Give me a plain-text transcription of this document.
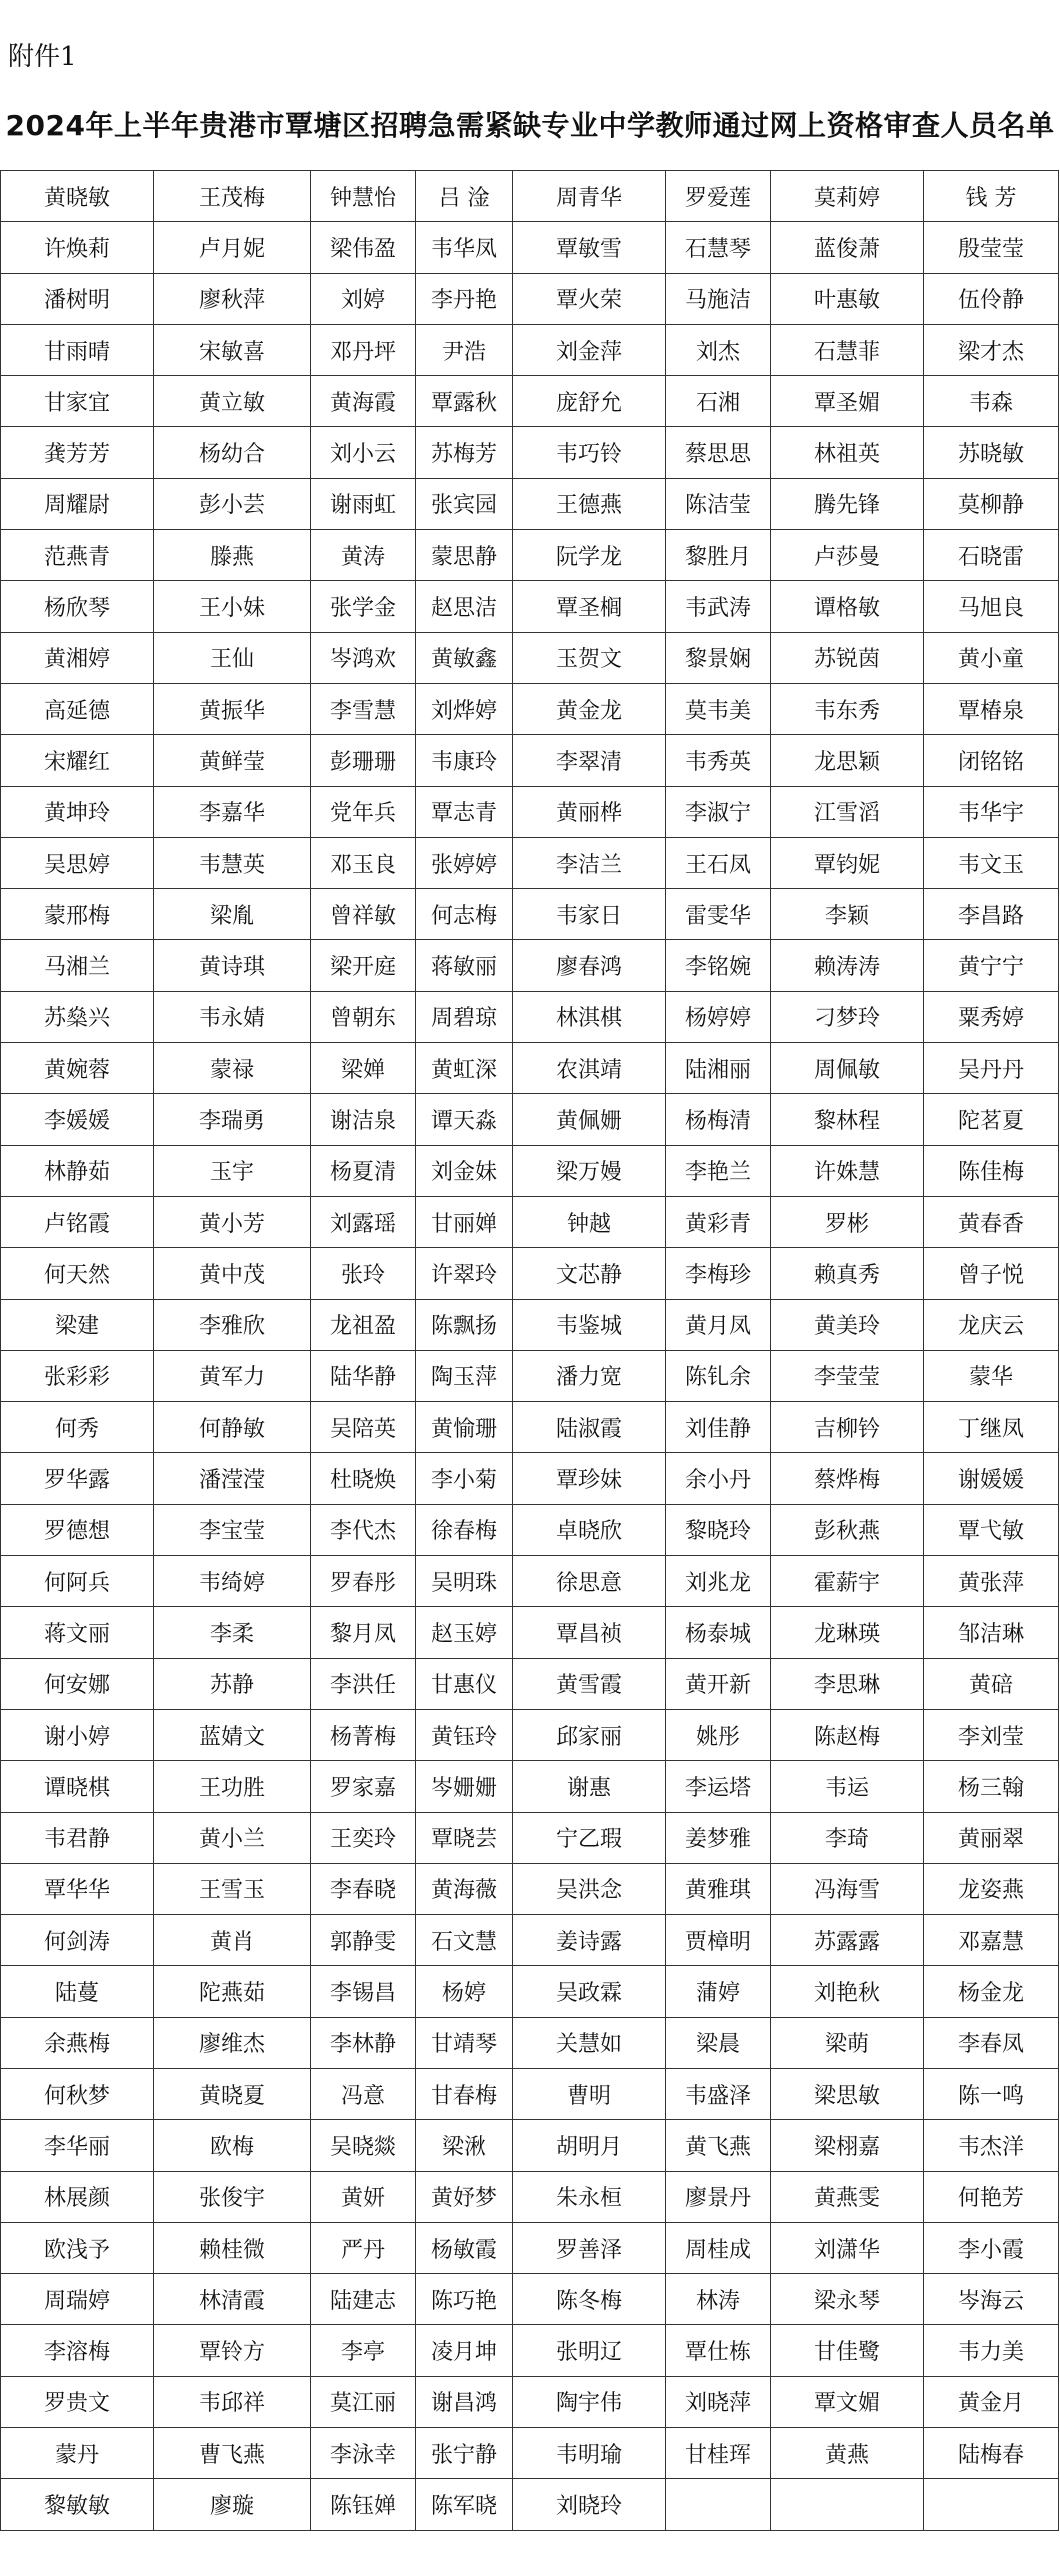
附件1
2024年上半年贵港市覃塘区招聘急需紧缺专业中学教师通过网上资格审查人员名单
黄晓敏	王茂梅	钟慧怡	吕 淦	周青华	罗爱莲	莫莉婷	钱 芳
许焕莉	卢月妮	梁伟盈	韦华凤	覃敏雪	石慧琴	蓝俊萧	殷莹莹
潘树明	廖秋萍	刘婷	李丹艳	覃火荣	马施洁	叶惠敏	伍伶静
甘雨晴	宋敏喜	邓丹坪	尹浩	刘金萍	刘杰	石慧菲	梁才杰
甘家宜	黄立敏	黄海霞	覃露秋	庞舒允	石湘	覃圣媚	韦森
龚芳芳	杨幼合	刘小云	苏梅芳	韦巧铃	蔡思思	林祖英	苏晓敏
周耀尉	彭小芸	谢雨虹	张宾园	王德燕	陈洁莹	腾先锋	莫柳静
范燕青	滕燕	黄涛	蒙思静	阮学龙	黎胜月	卢莎曼	石晓雷
杨欣琴	王小妹	张学金	赵思洁	覃圣榈	韦武涛	谭格敏	马旭良
黄湘婷	王仙	岑鸿欢	黄敏鑫	玉贺文	黎景娴	苏锐茵	黄小童
高延德	黄振华	李雪慧	刘烨婷	黄金龙	莫韦美	韦东秀	覃椿泉
宋耀红	黄鲜莹	彭珊珊	韦康玲	李翠清	韦秀英	龙思颖	闭铭铭
黄坤玲	李嘉华	党年兵	覃志青	黄丽桦	李淑宁	江雪滔	韦华宇
吴思婷	韦慧英	邓玉良	张婷婷	李洁兰	王石凤	覃钧妮	韦文玉
蒙邢梅	梁胤	曾祥敏	何志梅	韦家日	雷雯华	李颖	李昌路
马湘兰	黄诗琪	梁开庭	蒋敏丽	廖春鸿	李铭婉	赖涛涛	黄宁宁
苏燊兴	韦永婧	曾朝东	周碧琼	林淇棋	杨婷婷	刁梦玲	粟秀婷
黄婉蓉	蒙禄	梁婵	黄虹深	农淇靖	陆湘丽	周佩敏	吴丹丹
李媛媛	李瑞勇	谢洁泉	谭天淼	黄佩姗	杨梅清	黎林程	陀茗夏
林静茹	玉宇	杨夏清	刘金妹	梁万嫚	李艳兰	许姝慧	陈佳梅
卢铭霞	黄小芳	刘露瑶	甘丽婵	钟越	黄彩青	罗彬	黄春香
何天然	黄中茂	张玲	许翠玲	文芯静	李梅珍	赖真秀	曾子悦
梁建	李雅欣	龙祖盈	陈飘扬	韦鉴城	黄月凤	黄美玲	龙庆云
张彩彩	黄军力	陆华静	陶玉萍	潘力宽	陈钆余	李莹莹	蒙华
何秀	何静敏	吴陪英	黄愉珊	陆淑霞	刘佳静	吉柳钤	丁继凤
罗华露	潘滢滢	杜晓焕	李小菊	覃珍妹	余小丹	蔡烨梅	谢媛媛
罗德想	李宝莹	李代杰	徐春梅	卓晓欣	黎晓玲	彭秋燕	覃弋敏
何阿兵	韦绮婷	罗春彤	吴明珠	徐思意	刘兆龙	霍薪宇	黄张萍
蒋文丽	李柔	黎月凤	赵玉婷	覃昌祯	杨泰城	龙琳瑛	邹洁琳
何安娜	苏静	李洪任	甘惠仪	黄雪霞	黄开新	李思琳	黄碚
谢小婷	蓝婧文	杨菁梅	黄钰玲	邱家丽	姚彤	陈赵梅	李刘莹
谭晓棋	王功胜	罗家嘉	岑姗姗	谢惠	李运塔	韦运	杨三翰
韦君静	黄小兰	王奕玲	覃晓芸	宁乙瑕	姜梦雅	李琦	黄丽翠
覃华华	王雪玉	李春晓	黄海薇	吴洪念	黄雅琪	冯海雪	龙姿燕
何剑涛	黄肖	郭静雯	石文慧	姜诗露	贾樟明	苏露露	邓嘉慧
陆蔓	陀燕茹	李锡昌	杨婷	吴政霖	蒲婷	刘艳秋	杨金龙
余燕梅	廖维杰	李林静	甘靖琴	关慧如	梁晨	梁萌	李春凤
何秋梦	黄晓夏	冯意	甘春梅	曹明	韦盛泽	梁思敏	陈一鸣
李华丽	欧梅	吴晓燚	梁湫	胡明月	黄飞燕	梁栩嘉	韦杰洋
林展颜	张俊宇	黄妍	黄妤梦	朱永桓	廖景丹	黄燕雯	何艳芳
欧浅予	赖桂微	严丹	杨敏霞	罗善泽	周桂成	刘潇华	李小霞
周瑞婷	林清霞	陆建志	陈巧艳	陈冬梅	林涛	梁永琴	岑海云
李溶梅	覃铃方	李亭	凌月坤	张明辽	覃仕栋	甘佳鹭	韦力美
罗贵文	韦邱祥	莫江丽	谢昌鸿	陶宇伟	刘晓萍	覃文媚	黄金月
蒙丹	曹飞燕	李泳幸	张宁静	韦明瑜	甘桂珲	黄燕	陆梅春
黎敏敏	廖璇	陈钰婵	陈军晓	刘晓玲			
